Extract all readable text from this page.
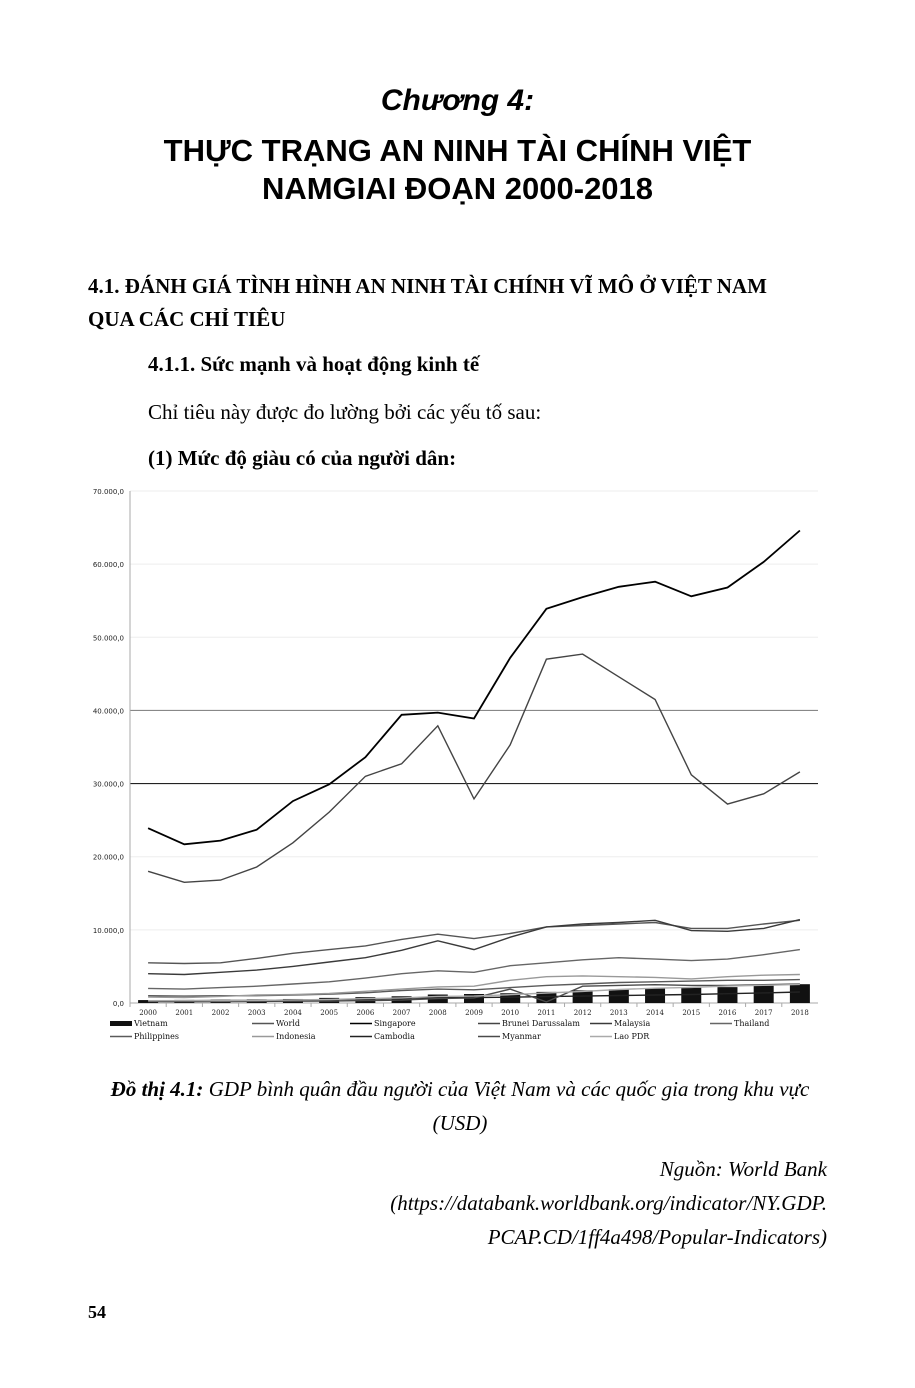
Chương 4:
THỰC TRẠNG AN NINH TÀI CHÍNH VIỆT
NAMGIAI ĐOẠN 2000-2018
4.1. ĐÁNH GIÁ TÌNH HÌNH AN NINH TÀI CHÍNH VĨ MÔ Ở VIỆT NAM QUA CÁC CHỈ TIÊU
4.1.1. Sức mạnh và hoạt động kinh tế
Chỉ tiêu này được đo lường bởi các yếu tố sau:
(1) Mức độ giàu có của người dân:
0,0
10.000,0
20.000,0
30.000,0
40.000,0
50.000,0
60.000,0
70.000,0
2000	2001	2002	2003	2004	2005	2006	2007	2008	2009	2010	2011	2012	2013	2014	2015	2016	2017	2018
Vietnam	World	Singapore	Brunei Darussalam	Malaysia	Thailand
Philippines	Indonesia	Cambodia	Myanmar	Lao PDR
Đồ thị 4.1: GDP bình quân đầu người của Việt Nam và các quốc gia trong khu vực (USD)
Nguồn: World Bank
(https://databank.worldbank.org/indicator/NY.GDP.
PCAP.CD/1ff4a498/Popular-Indicators)
54
